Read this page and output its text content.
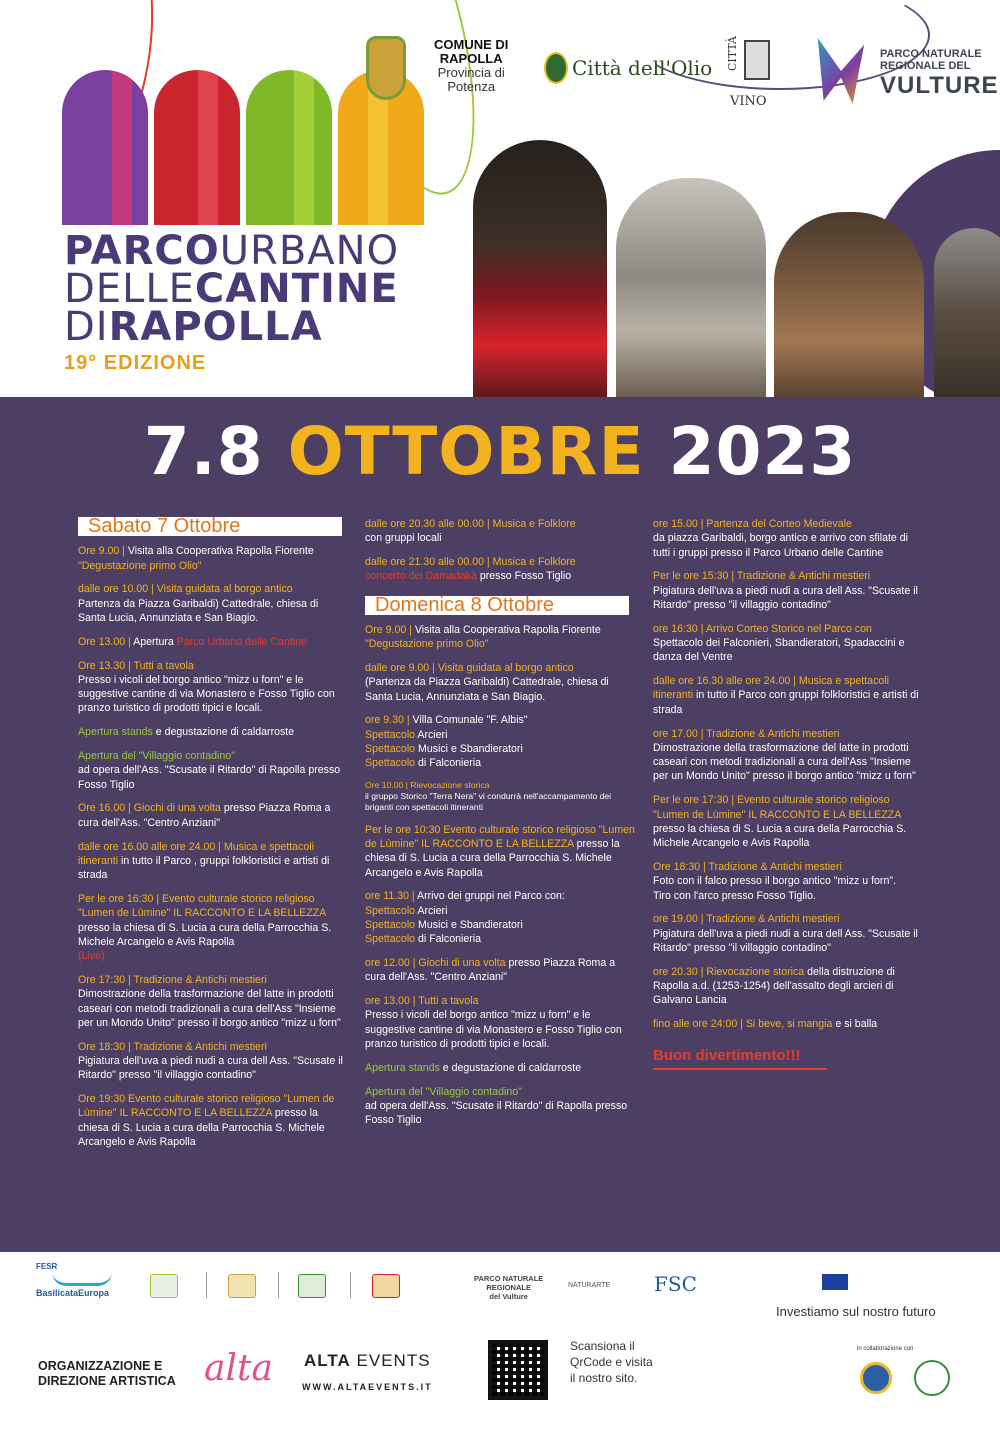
PARCOURBANO
DELLECANTINE
DIRAPOLLA
19° EDIZIONE
COMUNE DI
RAPOLLA
Provincia di
Potenza
Città dell'Olio CITTÀ
VINO
PARCO NATURALE
REGIONALE DEL
VULTURE
7.8 OTTOBRE 2023
Sabato 7 Ottobre
Ore 9.00 | Visita alla Cooperativa Rapolla Fiorente
"Degustazione primo Olio"
dalle ore 10.00 | Visita guidata al borgo antico
Partenza da Piazza Garibaldi) Cattedrale, chiesa di Santa Lucia, Annunziata e San Biagio.
Ore 13.00 | Apertura Parco Urbano delle Cantine
Ore 13.30 | Tutti a tavola
Presso i vicoli del borgo antico "mizz u forn" e le suggestive cantine di via Monastero e Fosso Tiglio con pranzo turistico di prodotti tipici e locali.
Apertura stands e degustazione di caldarroste
Apertura del "Villaggio contadino"
ad opera dell'Ass. "Scusate il Ritardo" di Rapolla presso Fosso Tiglio
Ore 16.00 | Giochi di una volta presso Piazza Roma a cura dell'Ass. "Centro Anziani"
dalle ore 16.00 alle ore 24.00 | Musica e spettacoli itineranti in tutto il Parco , gruppi folkloristici e artisti di strada
Per le ore 16:30 | Evento culturale storico religioso "Lumen de Lùmine" IL RACCONTO E LA BELLEZZA presso la chiesa di S. Lucia a cura della Parrocchia S. Michele Arcangelo e Avis Rapolla
(Live)
Ore 17:30 | Tradizione & Antichi mestieri
Dimostrazione della trasformazione del latte in prodotti caseari con metodi tradizionali a cura dell'Ass "Insieme per un Mondo Unito" presso il borgo antico "mizz u forn"
Ore 18:30 | Tradizione & Antichi mestieri
Pigiatura dell'uva a piedi nudi a cura dell Ass. "Scusate il Ritardo" presso "il villaggio contadino"
Ore 19:30 Evento culturale storico religioso "Lumen de Lùmine" IL RACCONTO E LA BELLEZZA presso la chiesa di S. Lucia a cura della Parrocchia S. Michele Arcangelo e Avis Rapolla
dalle ore 20.30 alle 00.00 | Musica e Folklore
con gruppi locali
dalle ore 21.30 alle 00.00 | Musica e Folklore
concerto dei Damadakà presso Fosso Tiglio
Domenica 8 Ottobre
Ore 9.00 | Visita alla Cooperativa Rapolla Fiorente
"Degustazione primo Olio"
dalle ore 9.00 | Visita guidata al borgo antico
(Partenza da Piazza Garibaldi) Cattedrale, chiesa di Santa Lucia, Annunziata e San Biagio.
ore 9.30 | Villa Comunale "F. Albis"
Spettacolo Arcieri
Spettacolo Musici e Sbandieratori
Spettacolo di Falconieria
Ore 10.00 | Rievocazione storica
il gruppo Storico "Terra Nera" vi condurrà nell'accampamento dei briganti con spettacoli itineranti
Per le ore 10:30 Evento culturale storico religioso "Lumen de Lùmine" IL RACCONTO E LA BELLEZZA presso la chiesa di S. Lucia a cura della Parrocchia S. Michele Arcangelo e Avis Rapolla
ore 11.30 | Arrivo dei gruppi nel Parco con:
Spettacolo Arcieri
Spettacolo Musici e Sbandieratori
Spettacolo di Falconieria
ore 12.00 | Giochi di una volta presso Piazza Roma a cura dell'Ass. "Centro Anziani"
ore 13.00 | Tutti a tavola
Presso i vicoli del borgo antico "mizz u forn" e le suggestive cantine di via Monastero e Fosso Tiglio con pranzo turistico di prodotti tipici e locali.
Apertura stands e degustazione di caldarroste
Apertura del "Villaggio contadino"
ad opera dell'Ass. "Scusate il Ritardo" di Rapolla presso Fosso Tiglio
ore 15.00 | Partenza del Corteo Medievale
da piazza Garibaldi, borgo antico e arrivo con sfilate di tutti i gruppi presso il Parco Urbano delle Cantine
Per le ore 15:30 | Tradizione & Antichi mestieri
Pigiatura dell'uva a piedi nudi a cura dell Ass. "Scusate il Ritardo" presso "il villaggio contadino"
ore 16:30 | Arrivo Corteo Storico nel Parco con
Spettacolo dei Falconieri, Sbandieratori, Spadaccini e danza del Ventre
dalle ore 16.30 alle ore 24.00 | Musica e spettacoli itineranti in tutto il Parco con gruppi folkloristici e artisti di strada
ore 17.00 | Tradizione & Antichi mestieri
Dimostrazione della trasformazione del latte in prodotti caseari con metodi tradizionali a cura dell'Ass "Insieme per un Mondo Unito" presso il borgo antico "mizz u forn"
Per le ore 17:30 | Evento culturale storico religioso "Lumen de Lùmine" IL RACCONTO E LA BELLEZZA presso la chiesa di S. Lucia a cura della Parrocchia S. Michele Arcangelo e Avis Rapolla
Ore 18:30 | Tradizione & Antichi mestieri
Foto con il falco presso il borgo antico "mizz u forn".
Tiro con l'arco presso Fosso Tiglio.
ore 19.00 | Tradizione & Antichi mestieri
Pigiatura dell'uva a piedi nudi a cura dell Ass. "Scusate il Ritardo" presso "il villaggio contadino"
ore 20.30 | Rievocazione storica della distruzione di Rapolla a.d. (1253-1254) dell'assalto degli arcieri di Galvano Lancia
fino alle ore 24:00 | Si beve, si mangia e si balla
Buon divertimento!!!
FESR
BasilicataEuropa
PARCO NATURALE
REGIONALE
del Vulture
NATURARTE FSC
Investiamo sul nostro futuro
ORGANIZZAZIONE E
DIREZIONE ARTISTICA alta ALTA EVENTS
WWW.ALTAEVENTS.IT
Scansiona il QrCode e visita il nostro sito.
in collaborazione con
